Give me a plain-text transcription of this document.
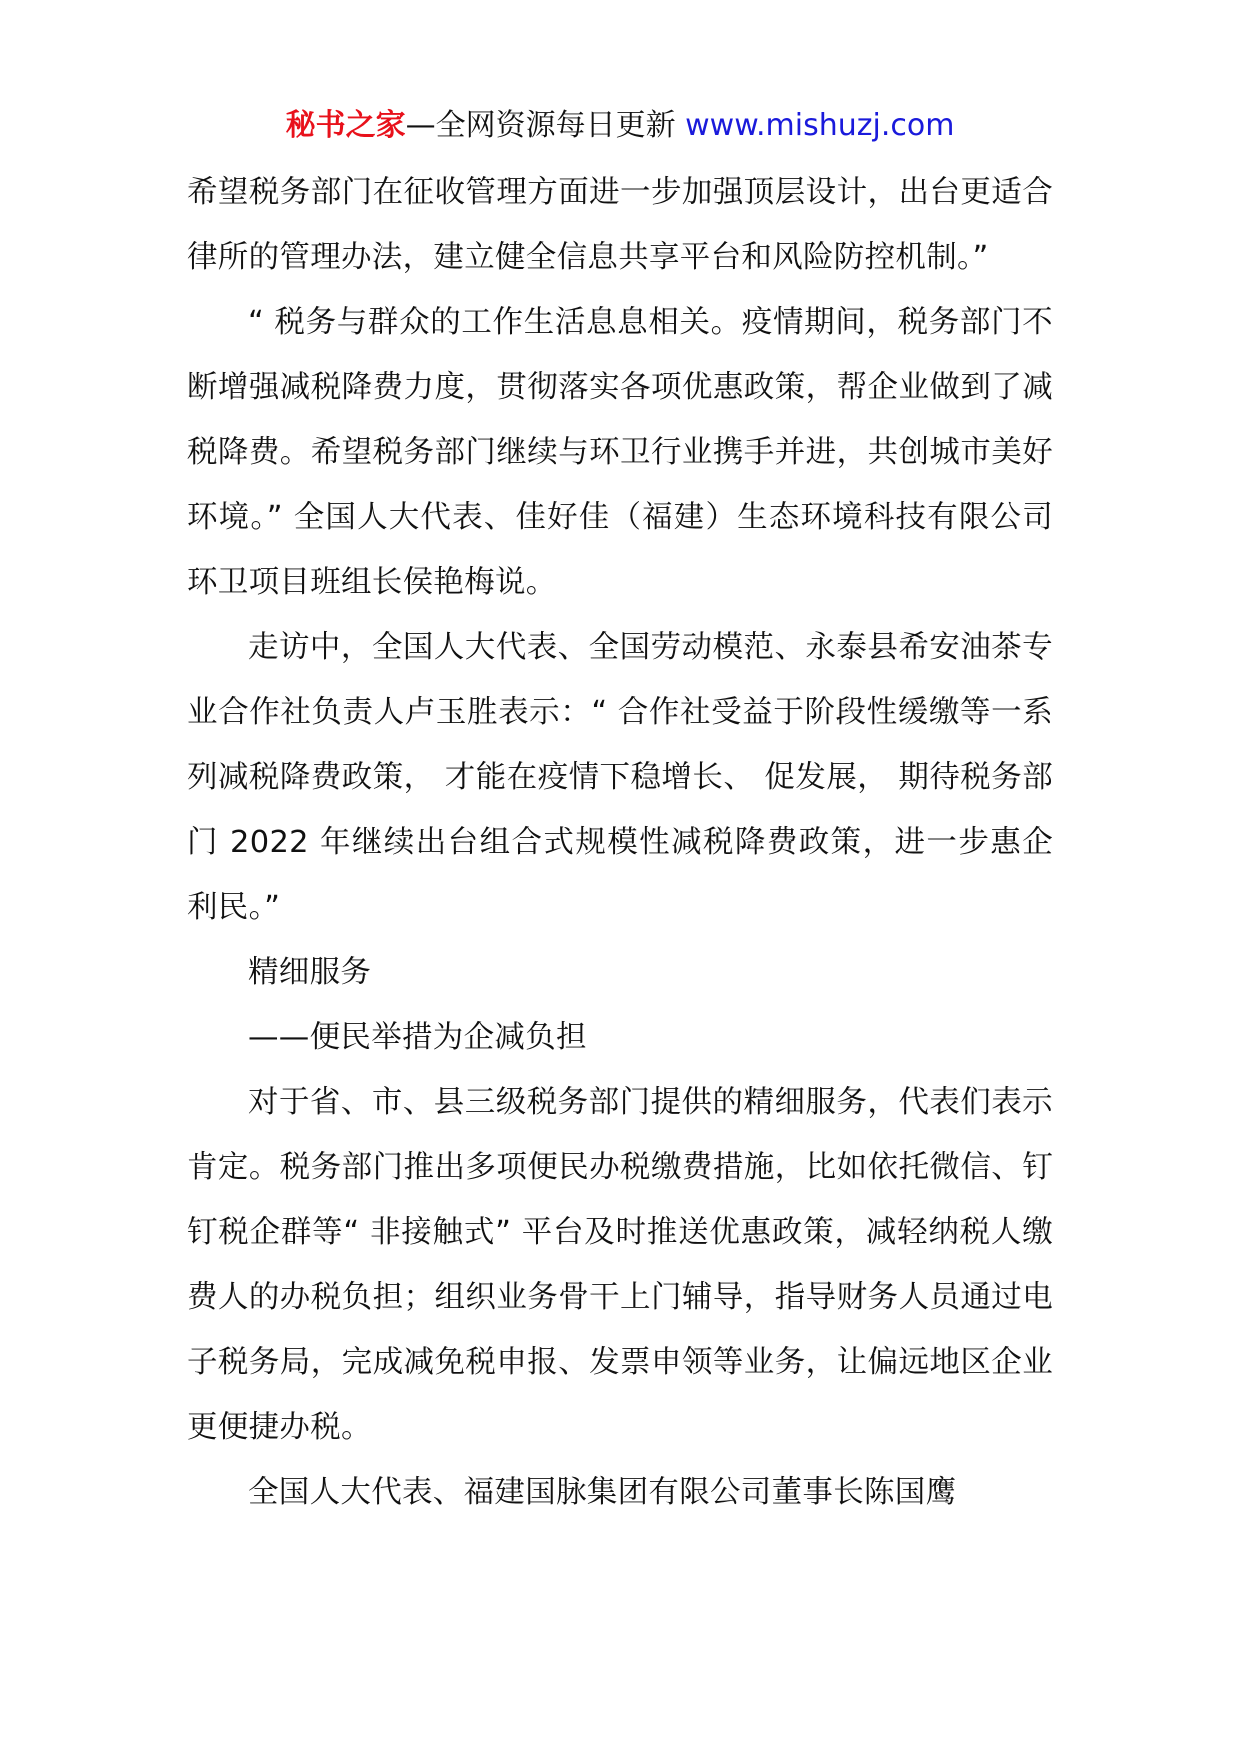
秘书之家—全网资源每日更新 www.mishuzj.com

希望税务部门在征收管理方面进一步加强顶层设计，出台更适合律所的管理办法，建立健全信息共享平台和风险防控机制。”

“ 税务与群众的工作生活息息相关。疫情期间，税务部门不断增强减税降费力度，贯彻落实各项优惠政策，帮企业做到了减税降费。希望税务部门继续与环卫行业携手并进，共创城市美好环境。” 全国人大代表、佳好佳（福建）生态环境科技有限公司环卫项目班组长侯艳梅说。

走访中，全国人大代表、全国劳动模范、永泰县希安油茶专业合作社负责人卢玉胜表示：“ 合作社受益于阶段性缓缴等一系列减税降费政策， 才能在疫情下稳增长、 促发展， 期待税务部门 2022 年继续出台组合式规模性减税降费政策，进一步惠企利民。”

精细服务

——便民举措为企减负担

对于省、市、县三级税务部门提供的精细服务，代表们表示肯定。税务部门推出多项便民办税缴费措施，比如依托微信、钉钉税企群等“ 非接触式” 平台及时推送优惠政策，减轻纳税人缴费人的办税负担；组织业务骨干上门辅导，指导财务人员通过电子税务局，完成减免税申报、发票申领等业务，让偏远地区企业更便捷办税。

全国人大代表、福建国脉集团有限公司董事长陈国鹰
